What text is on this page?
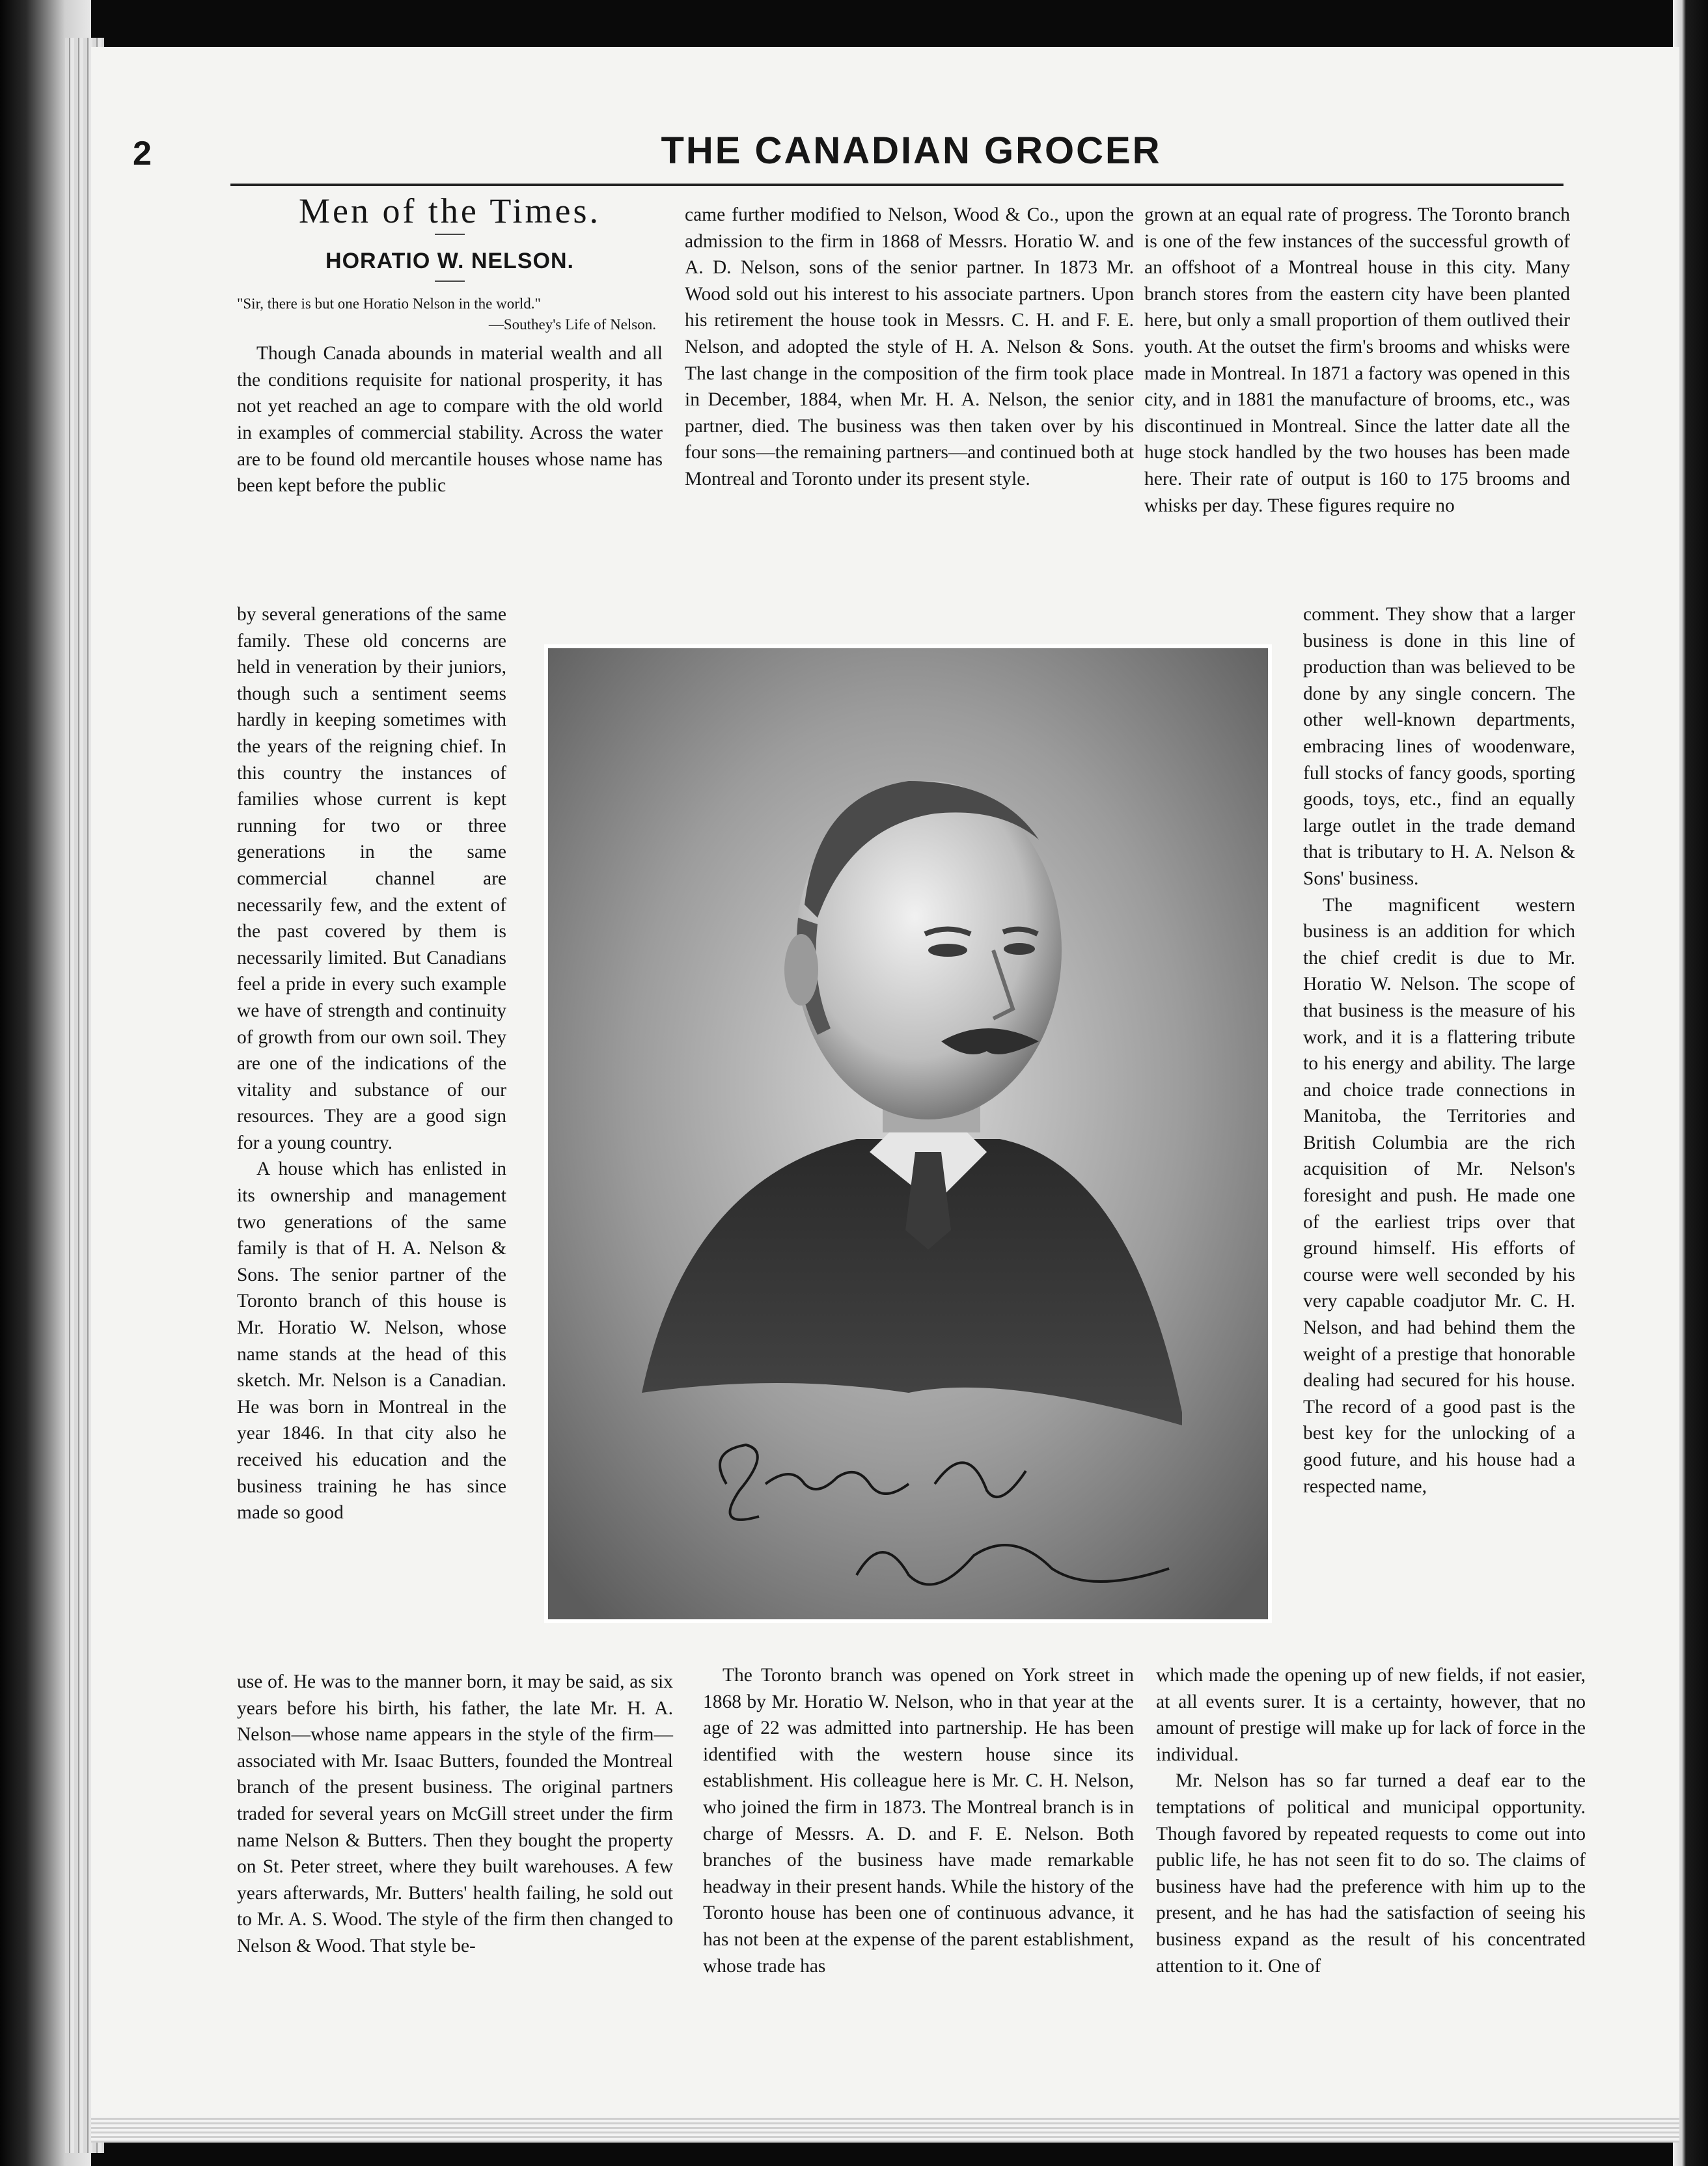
2	THE CANADIAN GROCER
Men of the Times.
HORATIO W. NELSON.
"Sir, there is but one Horatio Nelson in the world."
—Southey's Life of Nelson.

Though Canada abounds in material wealth and all the conditions requisite for national prosperity, it has not yet reached an age to compare with the old world in examples of commercial stability. Across the water are to be found old mercantile houses whose name has been kept before the public

by several generations of the same family. These old concerns are held in veneration by their juniors, though such a sentiment seems hardly in keeping sometimes with the years of the reigning chief. In this country the instances of families whose current is kept running for two or three generations in the same commercial channel are necessarily few, and the extent of the past covered by them is necessarily limited. But Canadians feel a pride in every such example we have of strength and continuity of growth from our own soil. They are one of the indications of the vitality and substance of our resources. They are a good sign for a young country.

A house which has enlisted in its ownership and management two generations of the same family is that of H. A. Nelson & Sons. The senior partner of the Toronto branch of this house is Mr. Horatio W. Nelson, whose name stands at the head of this sketch. Mr. Nelson is a Canadian. He was born in Montreal in the year 1846. In that city also he received his education and the business training he has since made so good

use of. He was to the manner born, it may be said, as six years before his birth, his father, the late Mr. H. A. Nelson—whose name appears in the style of the firm—associated with Mr. Isaac Butters, founded the Montreal branch of the present business. The original partners traded for several years on McGill street under the firm name Nelson & Butters. Then they bought the property on St. Peter street, where they built warehouses. A few years afterwards, Mr. Butters' health failing, he sold out to Mr. A. S. Wood. The style of the firm then changed to Nelson & Wood. That style be-

came further modified to Nelson, Wood & Co., upon the admission to the firm in 1868 of Messrs. Horatio W. and A. D. Nelson, sons of the senior partner. In 1873 Mr. Wood sold out his interest to his associate partners. Upon his retirement the house took in Messrs. C. H. and F. E. Nelson, and adopted the style of H. A. Nelson & Sons. The last change in the composition of the firm took place in December, 1884, when Mr. H. A. Nelson, the senior partner, died. The business was then taken over by his four sons—the remaining partners—and continued both at Montreal and Toronto under its present style.

The Toronto branch was opened on York street in 1868 by Mr. Horatio W. Nelson, who in that year at the age of 22 was admitted into partnership. He has been identified with the western house since its establishment. His colleague here is Mr. C. H. Nelson, who joined the firm in 1873. The Montreal branch is in charge of Messrs. A. D. and F. E. Nelson. Both branches of the business have made remarkable headway in their present hands. While the history of the Toronto house has been one of continuous advance, it has not been at the expense of the parent establishment, whose trade has

grown at an equal rate of progress. The Toronto branch is one of the few instances of the successful growth of an offshoot of a Montreal house in this city. Many branch stores from the eastern city have been planted here, but only a small proportion of them outlived their youth. At the outset the firm's brooms and whisks were made in Montreal. In 1871 a factory was opened in this city, and in 1881 the manufacture of brooms, etc., was discontinued in Montreal. Since the latter date all the huge stock handled by the two houses has been made here. Their rate of output is 160 to 175 brooms and whisks per day. These figures require no

comment. They show that a larger business is done in this line of production than was believed to be done by any single concern. The other well-known departments, embracing lines of woodenware, full stocks of fancy goods, sporting goods, toys, etc., find an equally large outlet in the trade demand that is tributary to H. A. Nelson & Sons' business.

The magnificent western business is an addition for which the chief credit is due to Mr. Horatio W. Nelson. The scope of that business is the measure of his work, and it is a flattering tribute to his energy and ability. The large and choice trade connections in Manitoba, the Territories and British Columbia are the rich acquisition of Mr. Nelson's foresight and push. He made one of the earliest trips over that ground himself. His efforts of course were well seconded by his very capable coadjutor Mr. C. H. Nelson, and had behind them the weight of a prestige that honorable dealing had secured for his house. The record of a good past is the best key for the unlocking of a good future, and his house had a respected name,

which made the opening up of new fields, if not easier, at all events surer. It is a certainty, however, that no amount of prestige will make up for lack of force in the individual.

Mr. Nelson has so far turned a deaf ear to the temptations of political and municipal opportunity. Though favored by repeated requests to come out into public life, he has not seen fit to do so. The claims of business have had the preference with him up to the present, and he has had the satisfaction of seeing his business expand as the result of his concentrated attention to it. One of
